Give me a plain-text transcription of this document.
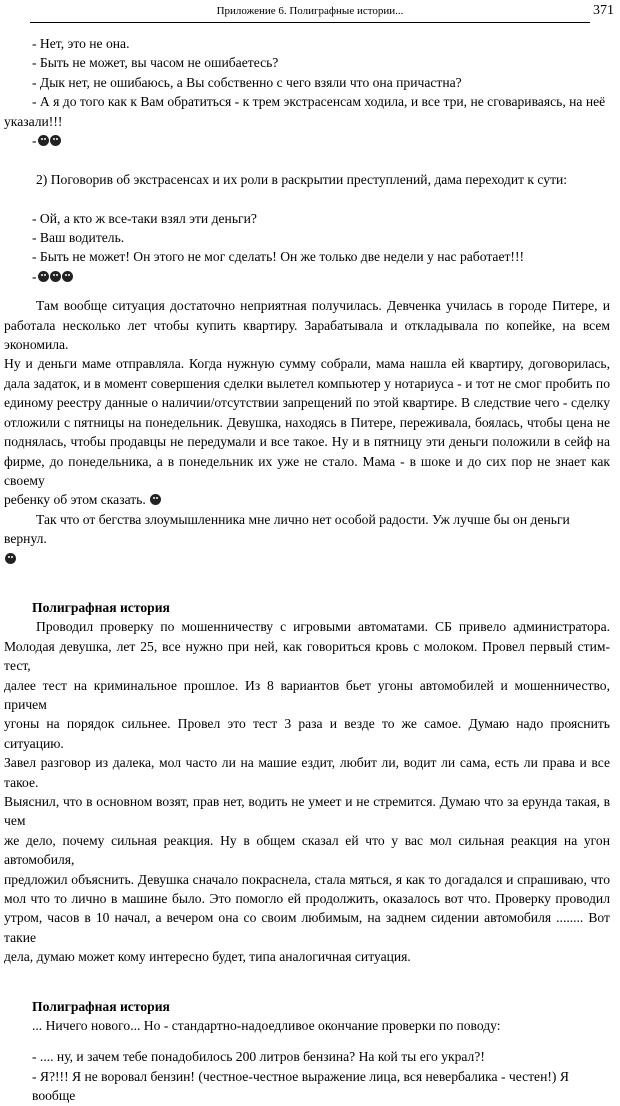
Приложение 6. Полиграфные истории...	371
- Нет, это не она.
- Быть не может, вы часом не ошибаетесь?
- Дык нет, не ошибаюсь, а Вы собственно с чего взяли что она причастна?
- А я до того как к Вам обратиться - к трем экстрасенсам ходила, и все три, не сговариваясь, на неё
указали!!!
-
2) Поговорив об экстрасенсах и их роли в раскрытии преступлений, дама переходит к сути:
- Ой, а кто ж все-таки взял эти деньги?
- Ваш водитель.
- Быть не может! Он этого не мог сделать! Он же только две недели у нас работает!!!
-
Там вообще ситуация достаточно неприятная получилась. Девченка училась в городе Питере, и
работала несколько лет чтобы купить квартиру. Зарабатывала и откладывала по копейке, на всем экономила.
Ну и деньги маме отправляла. Когда нужную сумму собрали, мама нашла ей квартиру, договорилась,
дала задаток, и в момент совершения сделки вылетел компьютер у нотариуса - и тот не смог пробить по
единому реестру данные о наличии/отсутствии запрещений по этой квартире. В следствие чего - сделку
отложили с пятницы на понедельник. Девушка, находясь в Питере, переживала, боялась, чтобы цена не
поднялась, чтобы продавцы не передумали и все такое. Ну и в пятницу эти деньги положили в сейф на
фирме, до понедельника, а в понедельник их уже не стало. Мама - в шоке и до сих пор не знает как своему
ребенку об этом сказать.
Так что от бегства злоумышленника мне лично нет особой радости. Уж лучше бы он деньги вернул.
Полиграфная история
Проводил проверку по мошенничеству с игровыми автоматами. СБ привело администратора.
Молодая девушка, лет 25, все нужно при ней, как говориться кровь с молоком. Провел первый стим-тест,
далее тест на криминальное прошлое. Из 8 вариантов бьет угоны автомобилей и мошенничество, причем
угоны на порядок сильнее. Провел это тест 3 раза и везде то же самое. Думаю надо прояснить ситуацию.
Завел разговор из далека, мол часто ли на машие ездит, любит ли, водит ли сама, есть ли права и все такое.
Выяснил, что в основном возят, прав нет, водить не умеет и не стремится. Думаю что за ерунда такая, в чем
же дело, почему сильная реакция. Ну в общем сказал ей что у вас мол сильная реакция на угон автомобиля,
предложил объяснить. Девушка сначало покраснела, стала мяться, я как то догадался и спрашиваю, что
мол что то лично в машине было. Это помогло ей продолжить, оказалось вот что. Проверку проводил
утром, часов в 10 начал, а вечером она со своим любимым, на заднем сидении автомобиля ........ Вот такие
дела, думаю может кому интересно будет, типа аналогичная ситуация.
Полиграфная история
... Ничего нового... Но - стандартно-надоедливое окончание проверки по поводу:
- .... ну, и зачем тебе понадобилось 200 литров бензина? На кой ты его украл?!
- Я?!!! Я не воровал бензин! (честное-честное выражение лица, вся невербалика - честен!) Я вообще
